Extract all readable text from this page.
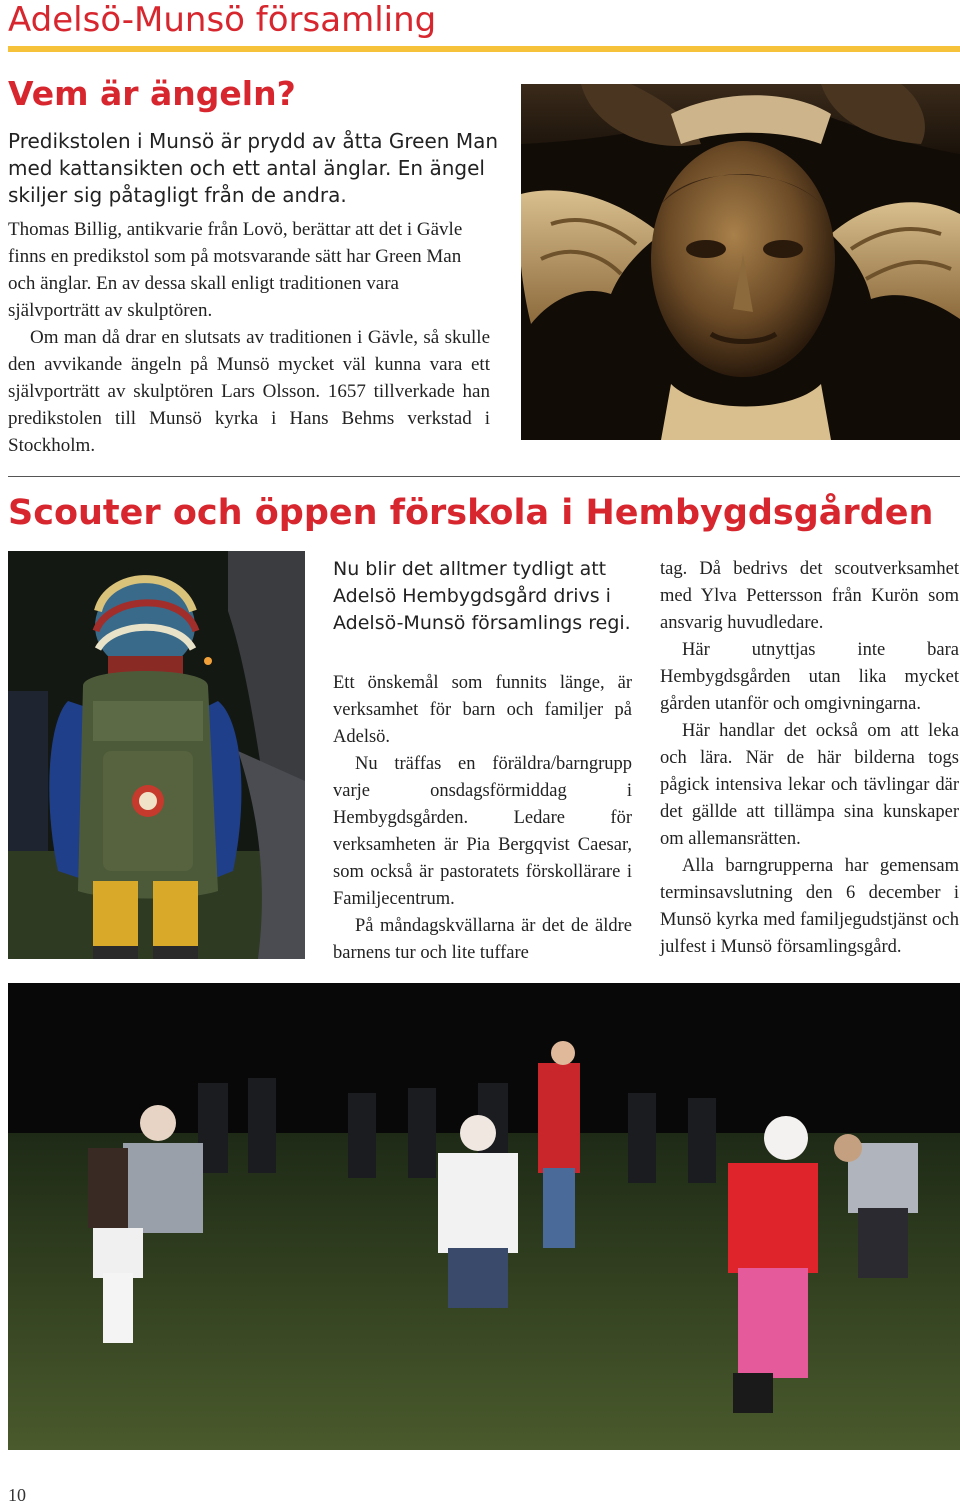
Adelsö-Munsö församling
Vem är ängeln?
Predikstolen i Munsö är prydd av åtta Green Man med kattansikten och ett antal änglar. En ängel skiljer sig påtagligt från de andra.
Thomas Billig, antikvarie från Lovö, berättar att det i Gävle finns en predikstol som på motsvarande sätt har Green Man och änglar. En av dessa skall enligt traditionen vara självporträtt av skulptören.
Om man då drar en slutsats av traditionen i Gävle, så skulle den avvikande ängeln på Munsö mycket väl kunna vara ett självporträtt av skulptören Lars Olsson. 1657 tillverkade han predikstolen till Munsö kyrka i Hans Behms verkstad i Stockholm.
Scouter och öppen förskola i Hembygdsgården
Nu blir det alltmer tydligt att Adelsö Hembygdsgård drivs i Adelsö-Munsö församlings regi.

Ett önskemål som funnits länge, är verksamhet för barn och familjer på Adelsö.

Nu träffas en föräldra/barngrupp varje onsdagsförmiddag i Hembygdsgården. Ledare för verksamheten är Pia Bergqvist Caesar, som också är pastoratets förskollärare i Familjecentrum.

På måndagskvällarna är det de äldre barnens tur och lite tuffare

tag. Då bedrivs det scoutverksamhet med Ylva Pettersson från Kurön som ansvarig huvudledare.

Här utnyttjas inte bara Hembygdsgården utan lika mycket gården utanför och omgivningarna.

Här handlar det också om att leka och lära. När de här bilderna togs pågick intensiva lekar och tävlingar där det gällde att tillämpa sina kunskaper om allemansrätten.

Alla barngrupperna har gemensam terminsavslutning den 6 december i Munsö kyrka med familjegudstjänst och julfest i Munsö församlingsgård.

10
